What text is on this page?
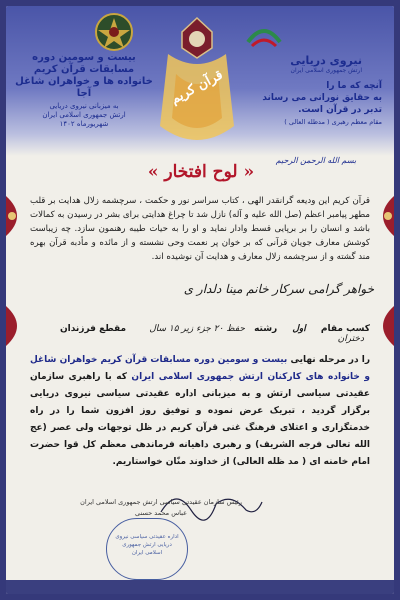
بیست و سومین دوره
مسابقات قرآن کریم
خانواده ها و خواهران شاغل آجا
به میزبانی نیروی دریایی
ارتش جمهوری اسلامی ایران
شهریورماه ۱۴۰۲
قرآن کریم
نیروی دریایی
ارتش جمهوری اسلامی ایران
آنچه که ما را
به حقایق نورانی می رساند
تدبر در قرآن است.
مقام معظم رهبری ( مدظله العالی )
« لوح افتخار »
بسم الله الرحمن الرحیم
قرآن کریم این ودیعه گرانقدر الهی ، کتاب سراسر نور و حکمت ، سرچشمه زلال هدایت بر قلب مطهر پیامبر اعظم (صل الله علیه و آله) نازل شد تا چراغ هدایتی برای بشر در رسیدن به کمالات باشد و انسان را بر برپایی قسط وادار نماید و او را به حیات طیبه رهنمون سازد. چه زیباست کوشش معارف جویان قرآنی که بر خوان پر نعمت وحی نشسته و از مائده و مأدبه قرآن بهره مند گشته و از سرچشمه زلال معارف و هدایت آن نوشیده اند.
خواهر گرامی سرکار خانم مینا دلدار ی
کسب مقام اول رشته حفظ ۲۰ جزء زیر ۱۵ سال مقطع فرزندان دختران
را در مرحله نهایی بیست و سومین دوره مسابقات قرآن کریم خواهران شاغل و خانواده های کارکنان ارتش جمهوری اسلامی ایران که با راهبری سازمان عقیدتی سیاسی ارتش و به میزبانی اداره عقیدتی سیاسی نیروی دریایی برگزار گردید ، تبریک عرض نموده و توفیق روز افزون شما را در راه خدمتگزاری و اعتلای فرهنگ غنی قرآن کریم در ظل توجهات ولی عصر (عج الله تعالی فرجه الشریف) و رهبری داهیانه فرماندهی معظم کل قوا حضرت امام خامنه ای ( مد ظله العالی) از خداوند منّان خواستاریم.
رئیس سازمان عقیدتی سیاسی ارتش جمهوری اسلامی ایران
عباس محمد حسنی
اداره عقیدتی سیاسی نیروی دریایی ارتش جمهوری اسلامی ایران
